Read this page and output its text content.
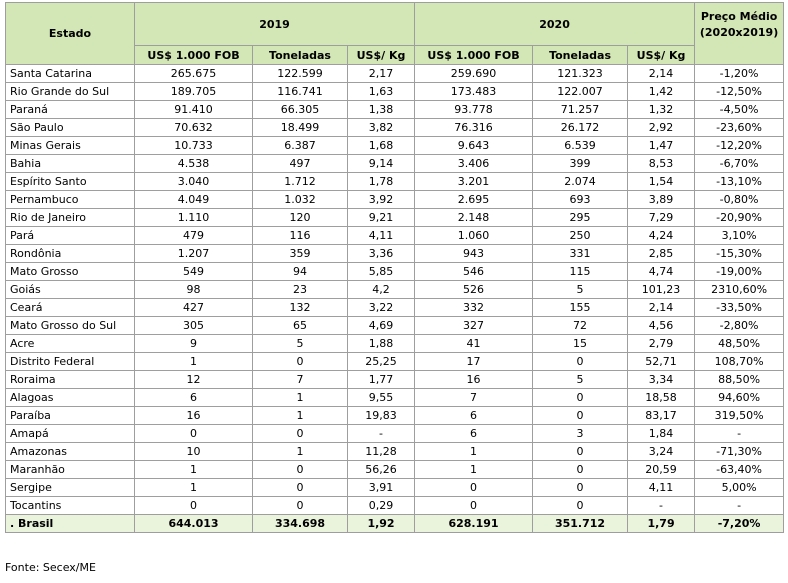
Estado	2019			2020			Preço Médio
(2020x2019)
	US$ 1.000 FOB	Toneladas	US$/ Kg	US$ 1.000 FOB	Toneladas	US$/ Kg	
Santa Catarina	265.675	122.599	2,17	259.690	121.323	2,14	-1,20%
Rio Grande do Sul	189.705	116.741	1,63	173.483	122.007	1,42	-12,50%
Paraná	91.410	66.305	1,38	93.778	71.257	1,32	-4,50%
São Paulo	70.632	18.499	3,82	76.316	26.172	2,92	-23,60%
Minas Gerais	10.733	6.387	1,68	9.643	6.539	1,47	-12,20%
Bahia	4.538	497	9,14	3.406	399	8,53	-6,70%
Espírito Santo	3.040	1.712	1,78	3.201	2.074	1,54	-13,10%
Pernambuco	4.049	1.032	3,92	2.695	693	3,89	-0,80%
Rio de Janeiro	1.110	120	9,21	2.148	295	7,29	-20,90%
Pará	479	116	4,11	1.060	250	4,24	3,10%
Rondônia	1.207	359	3,36	943	331	2,85	-15,30%
Mato Grosso	549	94	5,85	546	115	4,74	-19,00%
Goiás	98	23	4,2	526	5	101,23	2310,60%
Ceará	427	132	3,22	332	155	2,14	-33,50%
Mato Grosso do Sul	305	65	4,69	327	72	4,56	-2,80%
Acre	9	5	1,88	41	15	2,79	48,50%
Distrito Federal	1	0	25,25	17	0	52,71	108,70%
Roraima	12	7	1,77	16	5	3,34	88,50%
Alagoas	6	1	9,55	7	0	18,58	94,60%
Paraíba	16	1	19,83	6	0	83,17	319,50%
Amapá	0	0	-	6	3	1,84	-
Amazonas	10	1	11,28	1	0	3,24	-71,30%
Maranhão	1	0	56,26	1	0	20,59	-63,40%
Sergipe	1	0	3,91	0	0	4,11	5,00%
Tocantins	0	0	0,29	0	0	-	-
. Brasil	644.013	334.698	1,92	628.191	351.712	1,79	-7,20%
Fonte: Secex/ME
